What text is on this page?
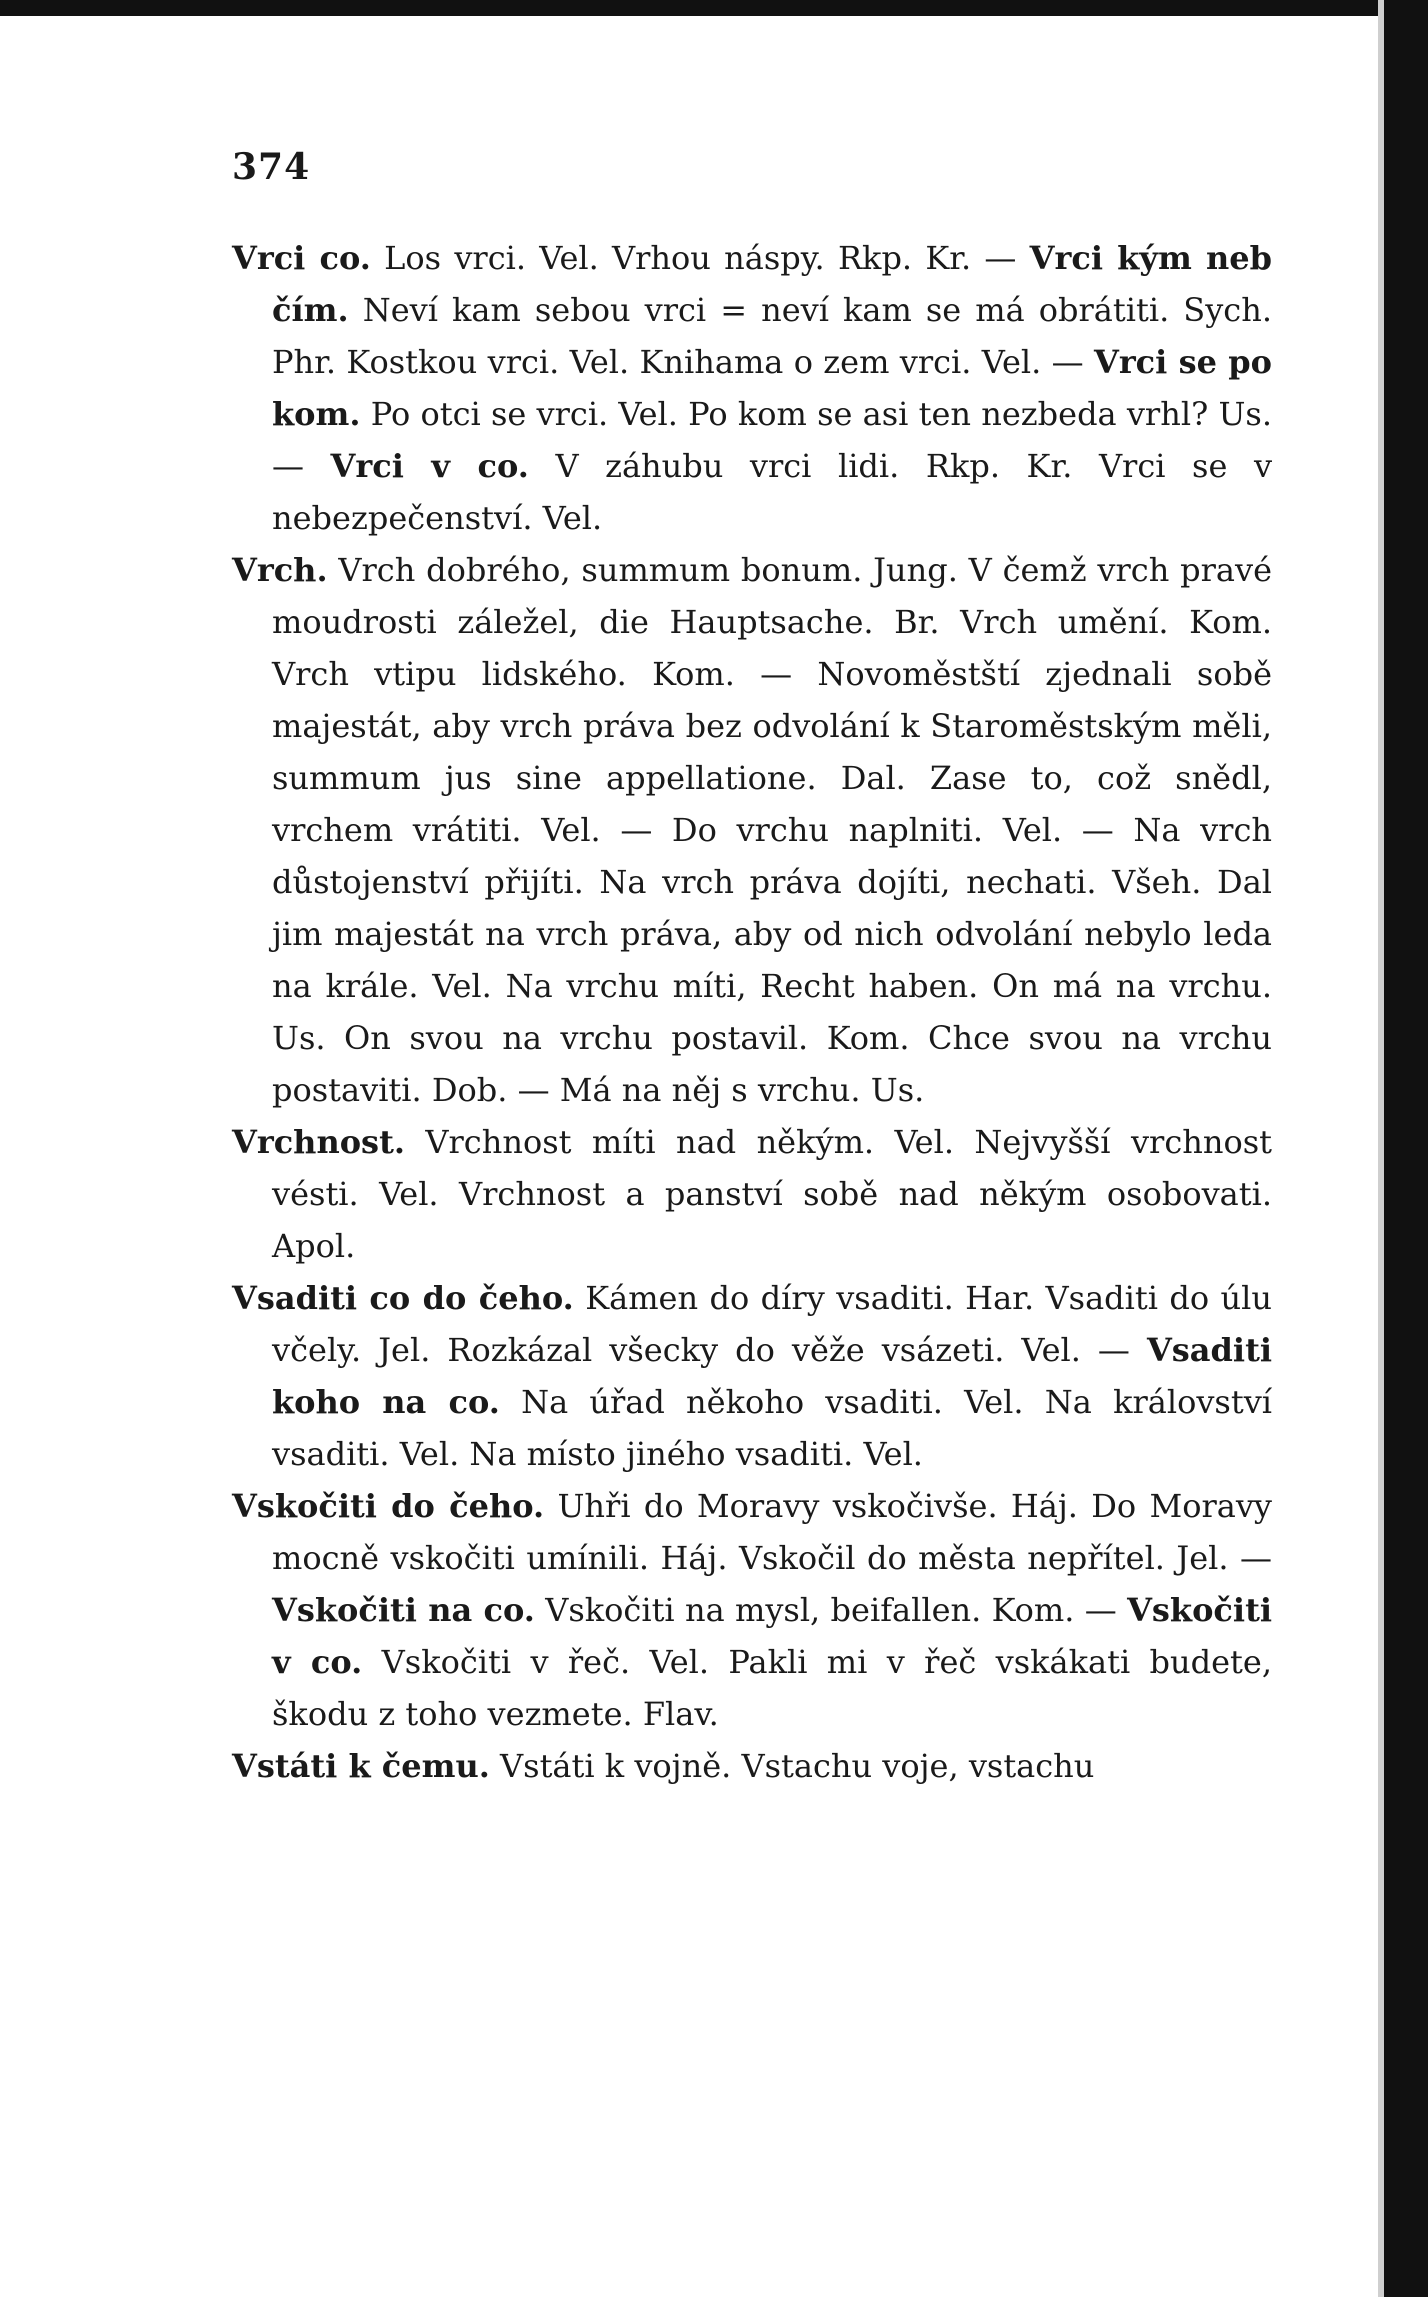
374

Vrci co. Los vrci. Vel. Vrhou náspy. Rkp. Kr. — Vrci kým neb čím. Neví kam sebou vrci = neví kam se má obrátiti. Sych. Phr. Kostkou vrci. Vel. Knihama o zem vrci. Vel. — Vrci se po kom. Po otci se vrci. Vel. Po kom se asi ten nezbeda vrhl? Us. — Vrci v co. V záhubu vrci lidi. Rkp. Kr. Vrci se v nebezpečenství. Vel.

Vrch. Vrch dobrého, summum bonum. Jung. V čemž vrch pravé moudrosti záležel, die Hauptsache. Br. Vrch umění. Kom. Vrch vtipu lidského. Kom. — Novoměstští zjednali sobě majestát, aby vrch práva bez odvolání k Staroměstským měli, summum jus sine appellatione. Dal. Zase to, což snědl, vrchem vrátiti. Vel. — Do vrchu naplniti. Vel. — Na vrch důstojenství přijíti. Na vrch práva dojíti, nechati. Všeh. Dal jim majestát na vrch práva, aby od nich odvolání nebylo leda na krále. Vel. Na vrchu míti, Recht haben. On má na vrchu. Us. On svou na vrchu postavil. Kom. Chce svou na vrchu postaviti. Dob. — Má na něj s vrchu. Us.

Vrchnost. Vrchnost míti nad někým. Vel. Nejvyšší vrchnost vésti. Vel. Vrchnost a panství sobě nad někým osobovati. Apol.

Vsaditi co do čeho. Kámen do díry vsaditi. Har. Vsaditi do úlu včely. Jel. Rozkázal všecky do věže vsázeti. Vel. — Vsaditi koho na co. Na úřad někoho vsaditi. Vel. Na království vsaditi. Vel. Na místo jiného vsaditi. Vel.

Vskočiti do čeho. Uhři do Moravy vskočivše. Háj. Do Moravy mocně vskočiti umínili. Háj. Vskočil do města nepřítel. Jel. — Vskočiti na co. Vskočiti na mysl, beifallen. Kom. — Vskočiti v co. Vskočiti v řeč. Vel. Pakli mi v řeč vskákati budete, škodu z toho vezmete. Flav.

Vstáti k čemu. Vstáti k vojně. Vstachu voje, vstachu
